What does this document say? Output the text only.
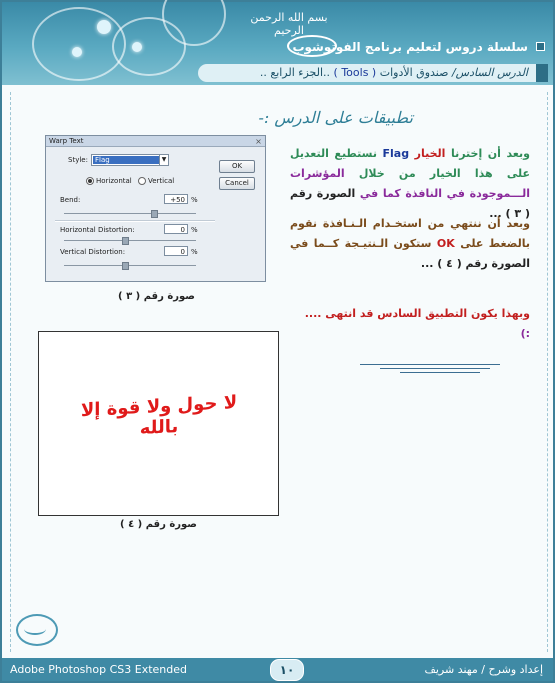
بسم الله الرحمن الرحيم
سلسلة دروس لتعليم برنامج الفوتوشوب
الدرس السادس/ صندوق الأدوات ( Tools ) ..الجزء الرابع ..
تطبيقات على الدرس :-
وبعد أن إخترنا الخيار Flag نستطيع التعديل على هذا الخيار من خلال المؤشرات الـــموجودة في النافذة كما في الصورة رقم ( ٣ ) ...
وبعد أن ننتهي من استخـدام الـنـافذة نقوم بالضغط على OK ستكون الـنتيـجة كــما في الصورة رقم ( ٤ ) ...
وبهذا يكون التطبيق السادس قد انتهى ....
:)
Warp Text	×
Style: Flag	▼
Horizontal Vertical
Bend:	+50 %
Horizontal Distortion:	0 %
Vertical Distortion:	0 %
OK
Cancel
صورة رقم ( ٣ )
لا حول ولا قوة إلا بالله
صورة رقم ( ٤ )
Adobe Photoshop CS3 Extended	١٠	إعداد وشرح / مهند شريف
